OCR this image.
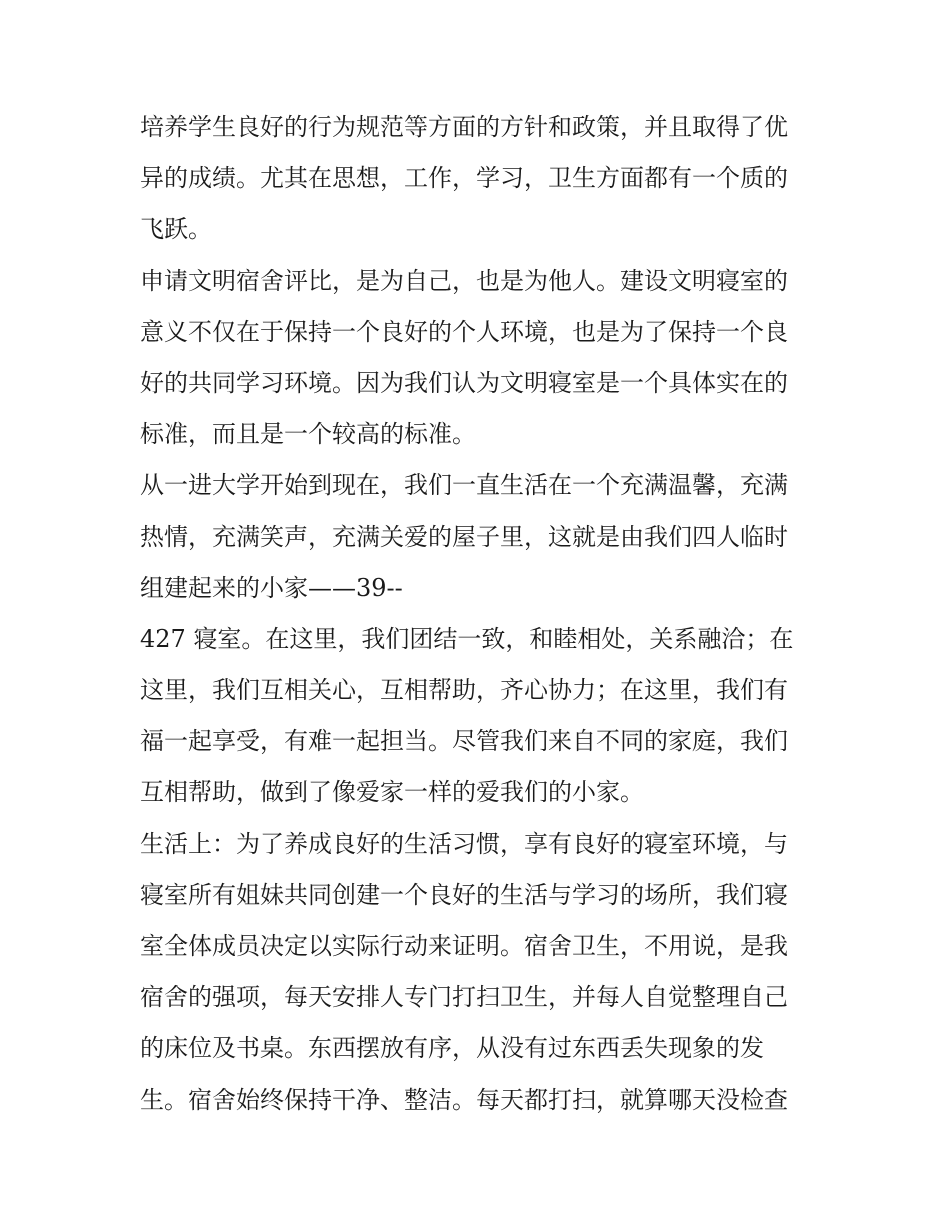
培养学生良好的行为规范等方面的方针和政策，并且取得了优
异的成绩。尤其在思想，工作，学习，卫生方面都有一个质的
飞跃。
申请文明宿舍评比，是为自己，也是为他人。建设文明寝室的
意义不仅在于保持一个良好的个人环境，也是为了保持一个良
好的共同学习环境。因为我们认为文明寝室是一个具体实在的
标准，而且是一个较高的标准。
从一进大学开始到现在，我们一直生活在一个充满温馨，充满
热情，充满笑声，充满关爱的屋子里，这就是由我们四人临时
组建起来的小家——39--
427 寝室。在这里，我们团结一致，和睦相处，关系融洽；在
这里，我们互相关心，互相帮助，齐心协力；在这里，我们有
福一起享受，有难一起担当。尽管我们来自不同的家庭，我们
互相帮助，做到了像爱家一样的爱我们的小家。
生活上：为了养成良好的生活习惯，享有良好的寝室环境，与
寝室所有姐妹共同创建一个良好的生活与学习的场所，我们寝
室全体成员决定以实际行动来证明。宿舍卫生，不用说，是我
宿舍的强项，每天安排人专门打扫卫生，并每人自觉整理自己
的床位及书桌。东西摆放有序，从没有过东西丢失现象的发
生。宿舍始终保持干净、整洁。每天都打扫，就算哪天没检查
